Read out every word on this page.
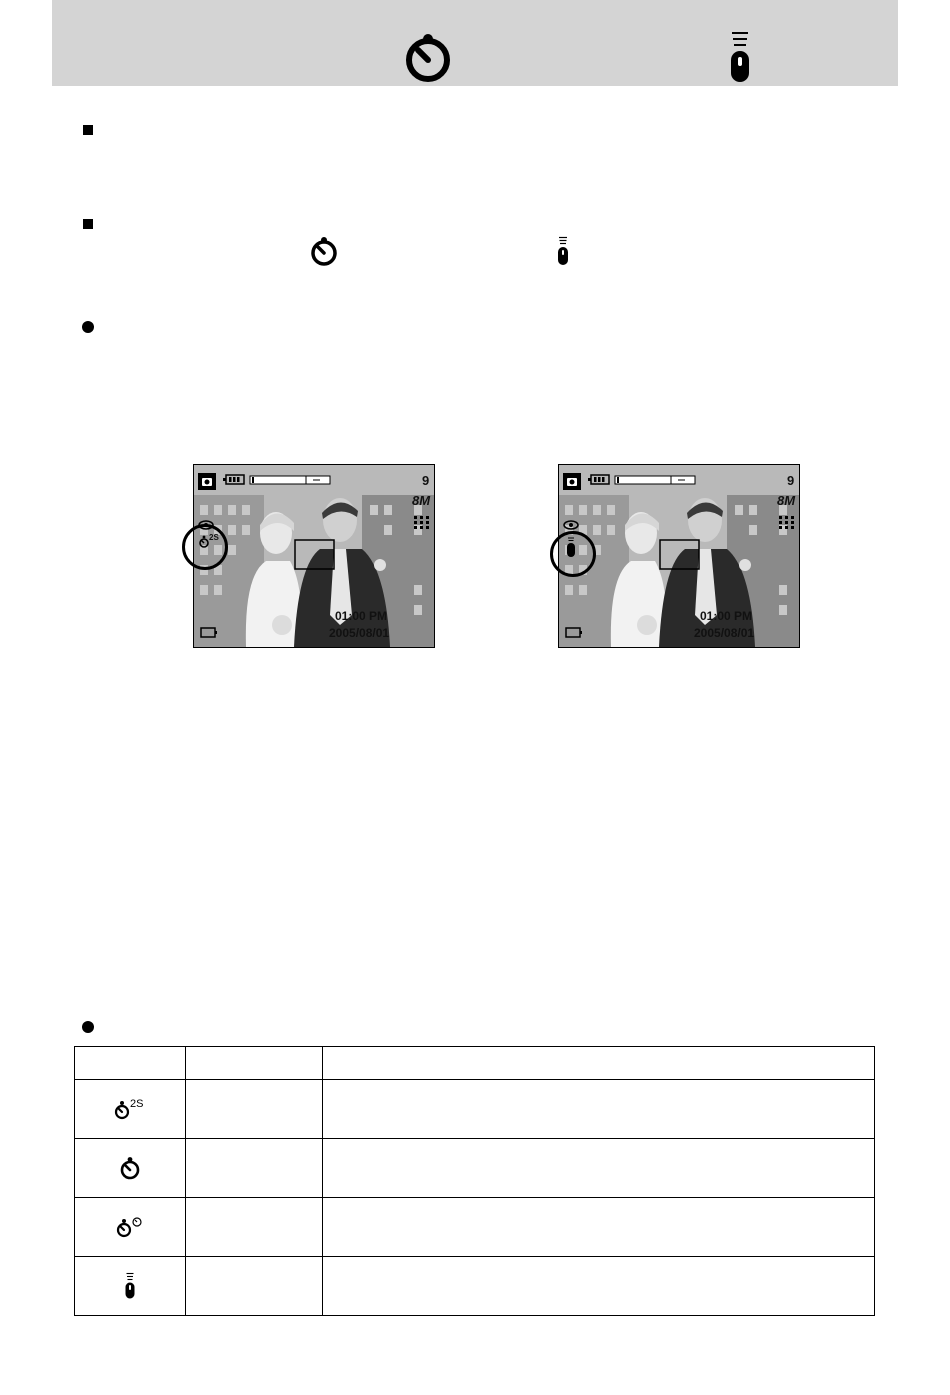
9
8M
2S
01:00 PM
2005/08/01
9
8M
01:00 PM
2005/08/01

2S		
